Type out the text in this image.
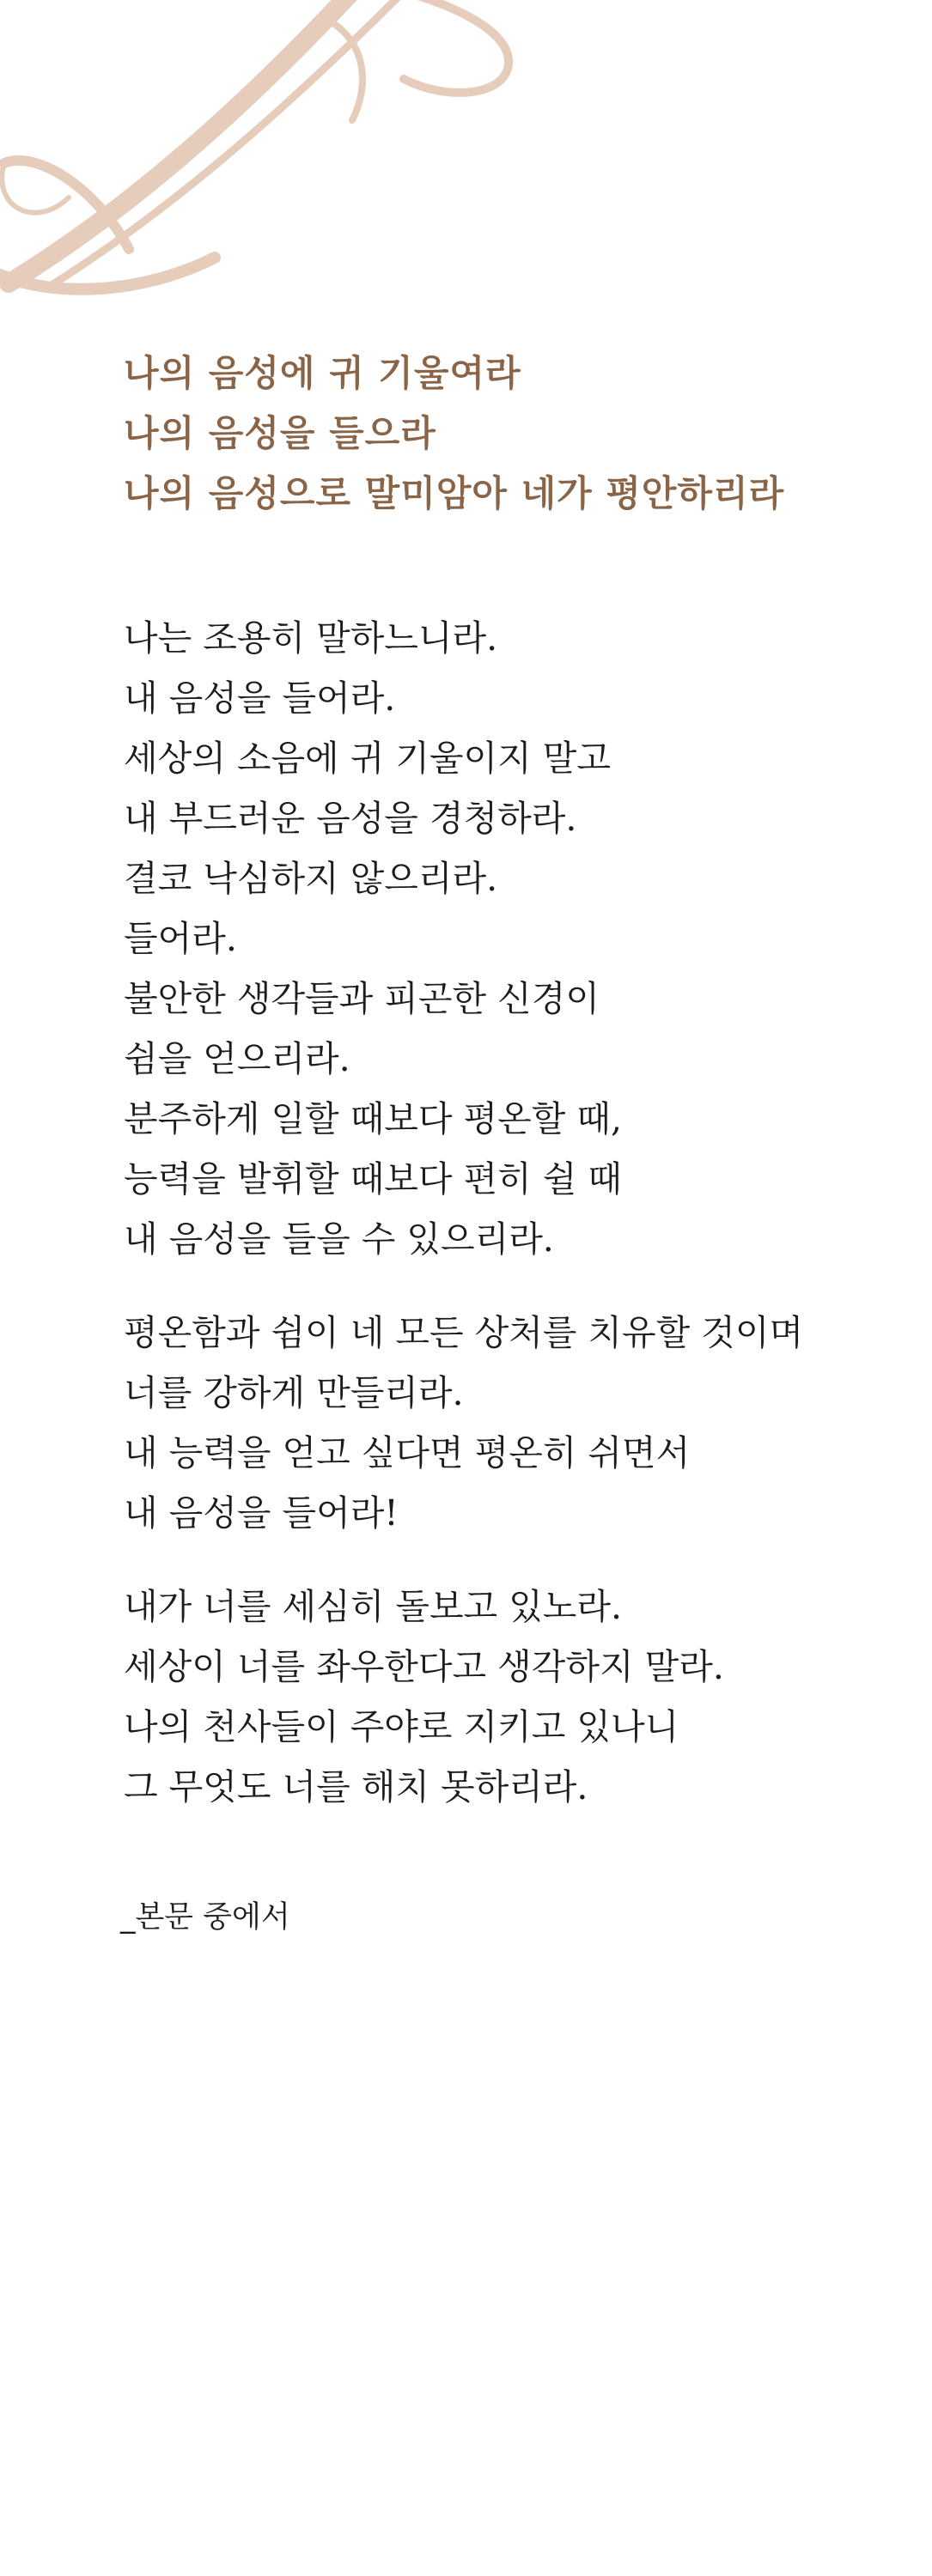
나의 음성에 귀 기울여라
나의 음성을 들으라
나의 음성으로 말미암아 네가 평안하리라

나는 조용히 말하느니라.
내 음성을 들어라.
세상의 소음에 귀 기울이지 말고
내 부드러운 음성을 경청하라.
결코 낙심하지 않으리라.
들어라.
불안한 생각들과 피곤한 신경이
쉼을 얻으리라.
분주하게 일할 때보다 평온할 때,
능력을 발휘할 때보다 편히 쉴 때
내 음성을 들을 수 있으리라.

평온함과 쉼이 네 모든 상처를 치유할 것이며
너를 강하게 만들리라.
내 능력을 얻고 싶다면 평온히 쉬면서
내 음성을 들어라!

내가 너를 세심히 돌보고 있노라.
세상이 너를 좌우한다고 생각하지 말라.
나의 천사들이 주야로 지키고 있나니
그 무엇도 너를 해치 못하리라.

_본문 중에서
